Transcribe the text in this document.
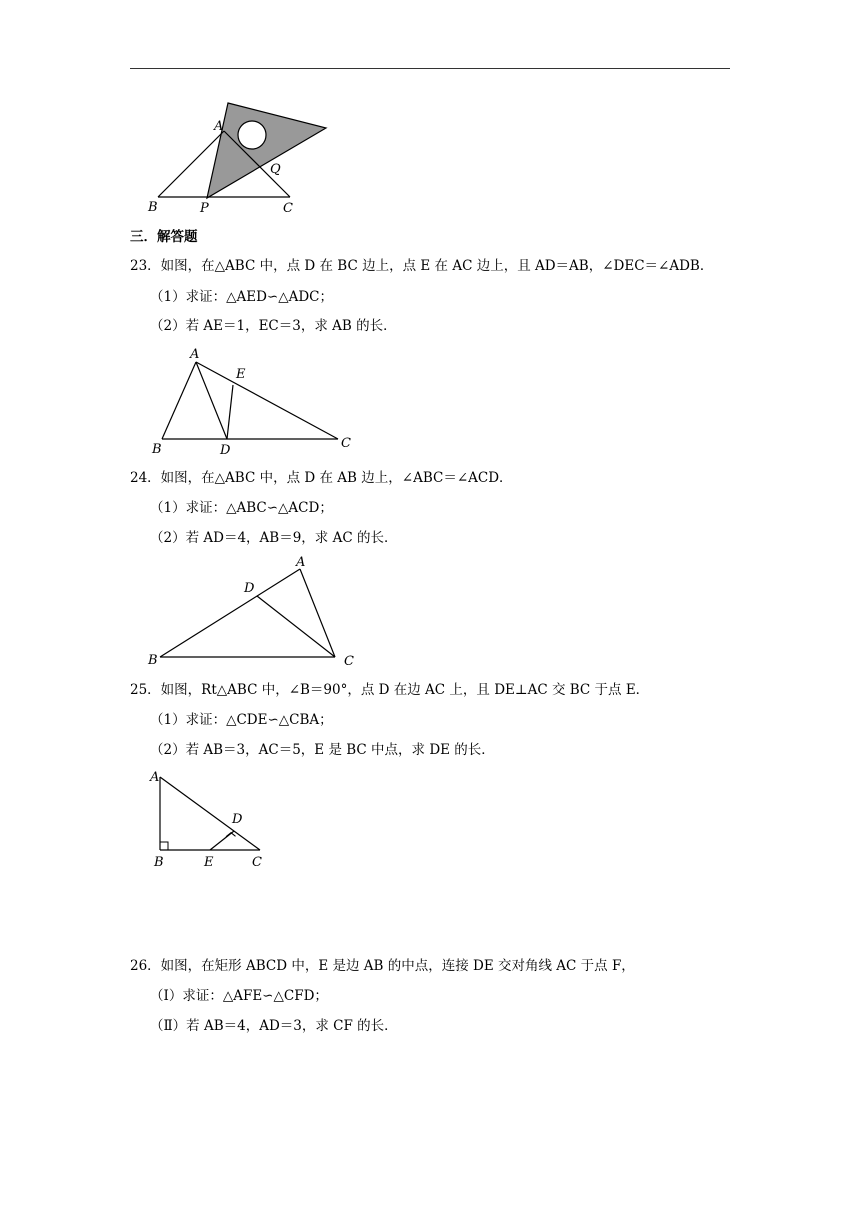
A
Q
B	P	C
三．解答题
23．如图，在△ABC 中，点 D 在 BC 边上，点 E 在 AC 边上，且 AD＝AB，∠DEC＝∠ADB．
（1）求证：△AED∽△ADC；
（2）若 AE＝1，EC＝3，求 AB 的长．
A
E
B	D	C
24．如图，在△ABC 中，点 D 在 AB 边上，∠ABC＝∠ACD．
（1）求证：△ABC∽△ACD；
（2）若 AD＝4，AB＝9，求 AC 的长．
A
D
B	C
25．如图，Rt△ABC 中，∠B＝90°，点 D 在边 AC 上，且 DE⊥AC 交 BC 于点 E．
（1）求证：△CDE∽△CBA；
（2）若 AB＝3，AC＝5，E 是 BC 中点，求 DE 的长．
A
D
B	E	C
26．如图，在矩形 ABCD 中，E 是边 AB 的中点，连接 DE 交对角线 AC 于点 F，
（Ⅰ）求证：△AFE∽△CFD；
（Ⅱ）若 AB＝4，AD＝3，求 CF 的长．
